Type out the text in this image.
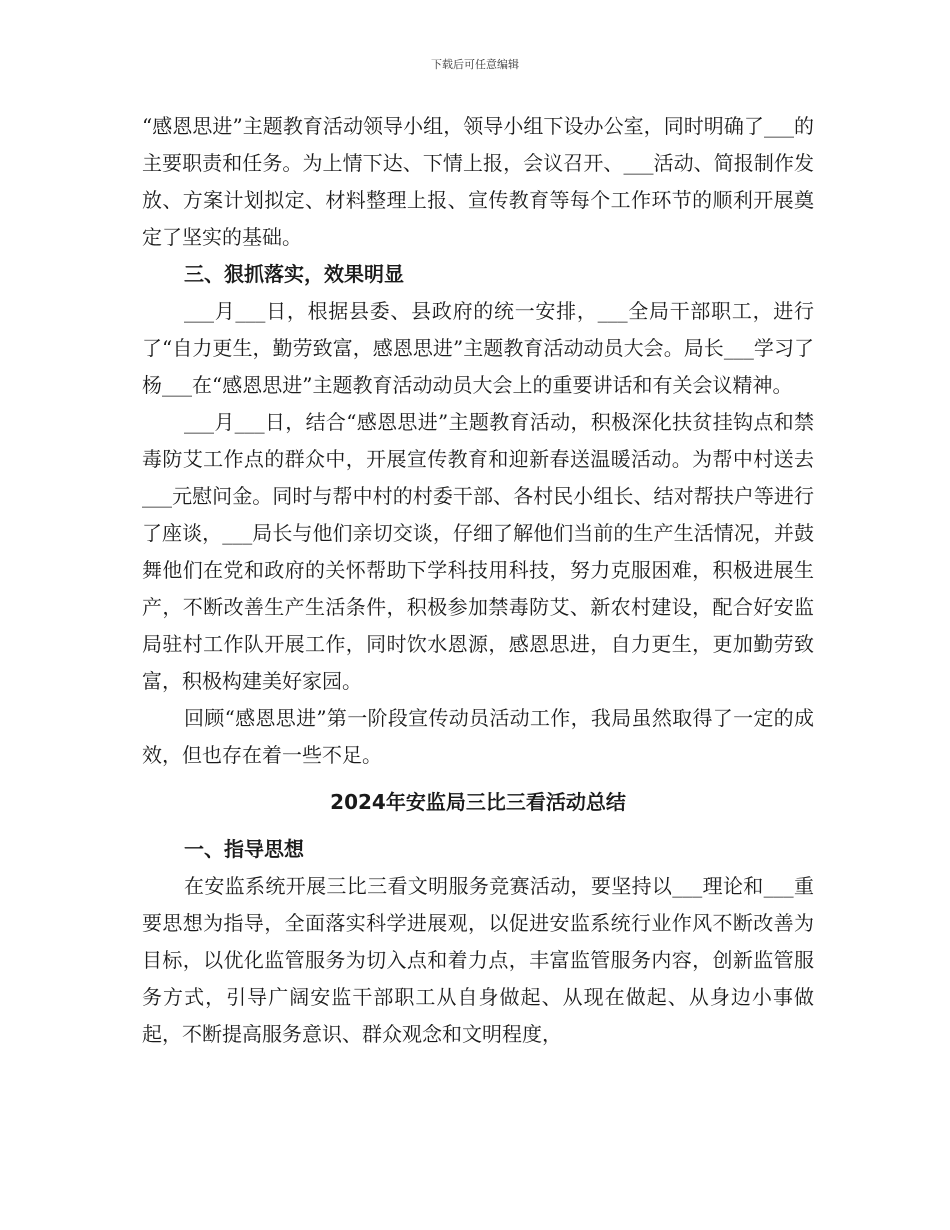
下载后可任意编辑

“感恩思进”主题教育活动领导小组，领导小组下设办公室，同时明确了___的主要职责和任务。为上情下达、下情上报，会议召开、___活动、简报制作发放、方案计划拟定、材料整理上报、宣传教育等每个工作环节的顺利开展奠定了坚实的基础。

三、狠抓落实，效果明显

___月___日，根据县委、县政府的统一安排，___全局干部职工，进行了“自力更生，勤劳致富，感恩思进”主题教育活动动员大会。局长___学习了杨___在“感恩思进”主题教育活动动员大会上的重要讲话和有关会议精神。

___月___日，结合“感恩思进”主题教育活动，积极深化扶贫挂钩点和禁毒防艾工作点的群众中，开展宣传教育和迎新春送温暖活动。为帮中村送去___元慰问金。同时与帮中村的村委干部、各村民小组长、结对帮扶户等进行了座谈，___局长与他们亲切交谈，仔细了解他们当前的生产生活情况，并鼓舞他们在党和政府的关怀帮助下学科技用科技，努力克服困难，积极进展生产，不断改善生产生活条件，积极参加禁毒防艾、新农村建设，配合好安监局驻村工作队开展工作，同时饮水恩源，感恩思进，自力更生，更加勤劳致富，积极构建美好家园。

回顾“感恩思进”第一阶段宣传动员活动工作，我局虽然取得了一定的成效，但也存在着一些不足。

2024年安监局三比三看活动总结

一、指导思想

在安监系统开展三比三看文明服务竞赛活动，要坚持以___理论和___重要思想为指导，全面落实科学进展观，以促进安监系统行业作风不断改善为目标，以优化监管服务为切入点和着力点，丰富监管服务内容，创新监管服务方式，引导广阔安监干部职工从自身做起、从现在做起、从身边小事做起，不断提高服务意识、群众观念和文明程度，
